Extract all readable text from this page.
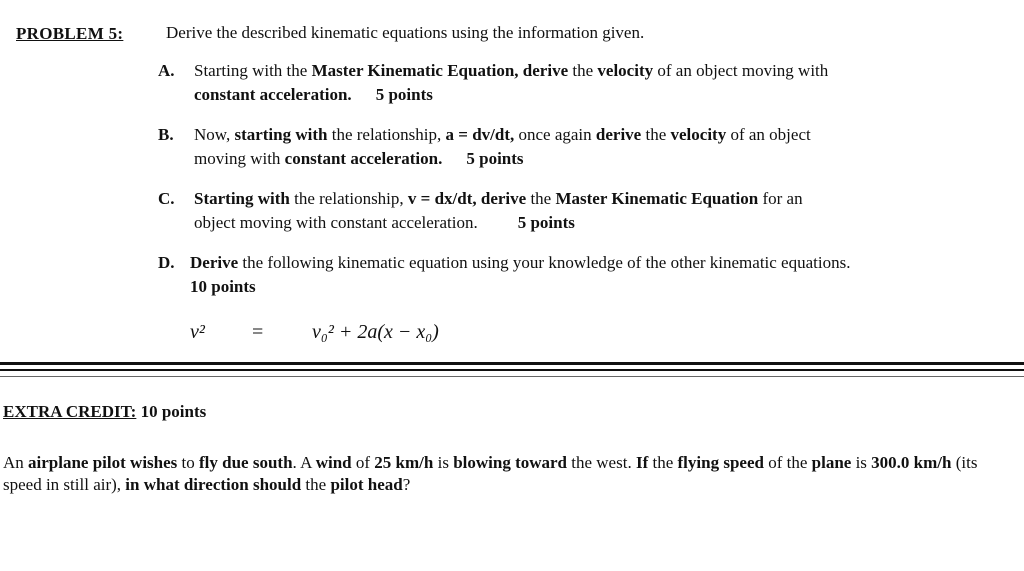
PROBLEM 5:	Derive the described kinematic equations using the information given.
A. Starting with the Master Kinematic Equation, derive the velocity of an object moving with
constant acceleration. 5 points
B. Now, starting with the relationship, a = dv/dt, once again derive the velocity of an object
moving with constant acceleration. 5 points
C. Starting with the relationship, v = dx/dt, derive the Master Kinematic Equation for an
object moving with constant acceleration. 5 points
D. Derive the following kinematic equation using your knowledge of the other kinematic equations.
10 points
v²	=	v₀² + 2a(x − x₀)
EXTRA CREDIT: 10 points
An airplane pilot wishes to fly due south. A wind of 25 km/h is blowing toward the west. If the flying speed of the plane is 300.0 km/h (its speed in still air), in what direction should the pilot head?
